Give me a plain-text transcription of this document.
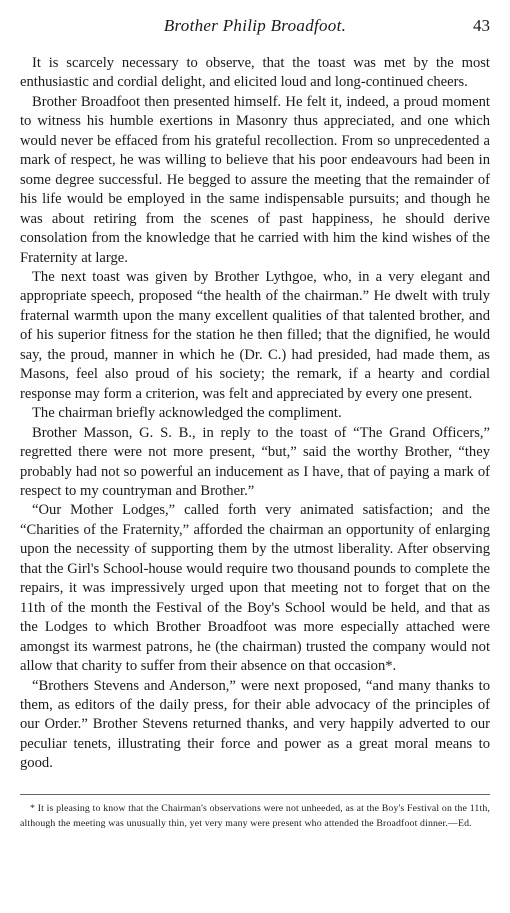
Brother Philip Broadfoot.	43

It is scarcely necessary to observe, that the toast was met by the most enthusiastic and cordial delight, and elicited loud and long-continued cheers.

Brother Broadfoot then presented himself. He felt it, indeed, a proud moment to witness his humble exertions in Masonry thus appreciated, and one which would never be effaced from his grateful recollection. From so unprecedented a mark of respect, he was willing to believe that his poor endeavours had been in some degree successful. He begged to assure the meeting that the remainder of his life would be employed in the same indispensable pursuits; and though he was about retiring from the scenes of past happiness, he should derive consolation from the knowledge that he carried with him the kind wishes of the Fraternity at large.

The next toast was given by Brother Lythgoe, who, in a very elegant and appropriate speech, proposed “the health of the chairman.” He dwelt with truly fraternal warmth upon the many excellent qualities of that talented brother, and of his superior fitness for the station he then filled; that the dignified, he would say, the proud, manner in which he (Dr. C.) had presided, had made them, as Masons, feel also proud of his society; the remark, if a hearty and cordial response may form a criterion, was felt and appreciated by every one present.

The chairman briefly acknowledged the compliment.

Brother Masson, G. S. B., in reply to the toast of “The Grand Officers,” regretted there were not more present, “but,” said the worthy Brother, “they probably had not so powerful an inducement as I have, that of paying a mark of respect to my countryman and Brother.”

“Our Mother Lodges,” called forth very animated satisfaction; and the “Charities of the Fraternity,” afforded the chairman an opportunity of enlarging upon the necessity of supporting them by the utmost liberality. After observing that the Girl's School-house would require two thousand pounds to complete the repairs, it was impressively urged upon that meeting not to forget that on the 11th of the month the Festival of the Boy's School would be held, and that as the Lodges to which Brother Broadfoot was more especially attached were amongst its warmest patrons, he (the chairman) trusted the company would not allow that charity to suffer from their absence on that occasion*.

“Brothers Stevens and Anderson,” were next proposed, “and many thanks to them, as editors of the daily press, for their able advocacy of the principles of our Order.” Brother Stevens returned thanks, and very happily adverted to our peculiar tenets, illustrating their force and power as a great moral means to good.

* It is pleasing to know that the Chairman's observations were not unheeded, as at the Boy's Festival on the 11th, although the meeting was unusually thin, yet very many were present who attended the Broadfoot dinner.—Ed.
